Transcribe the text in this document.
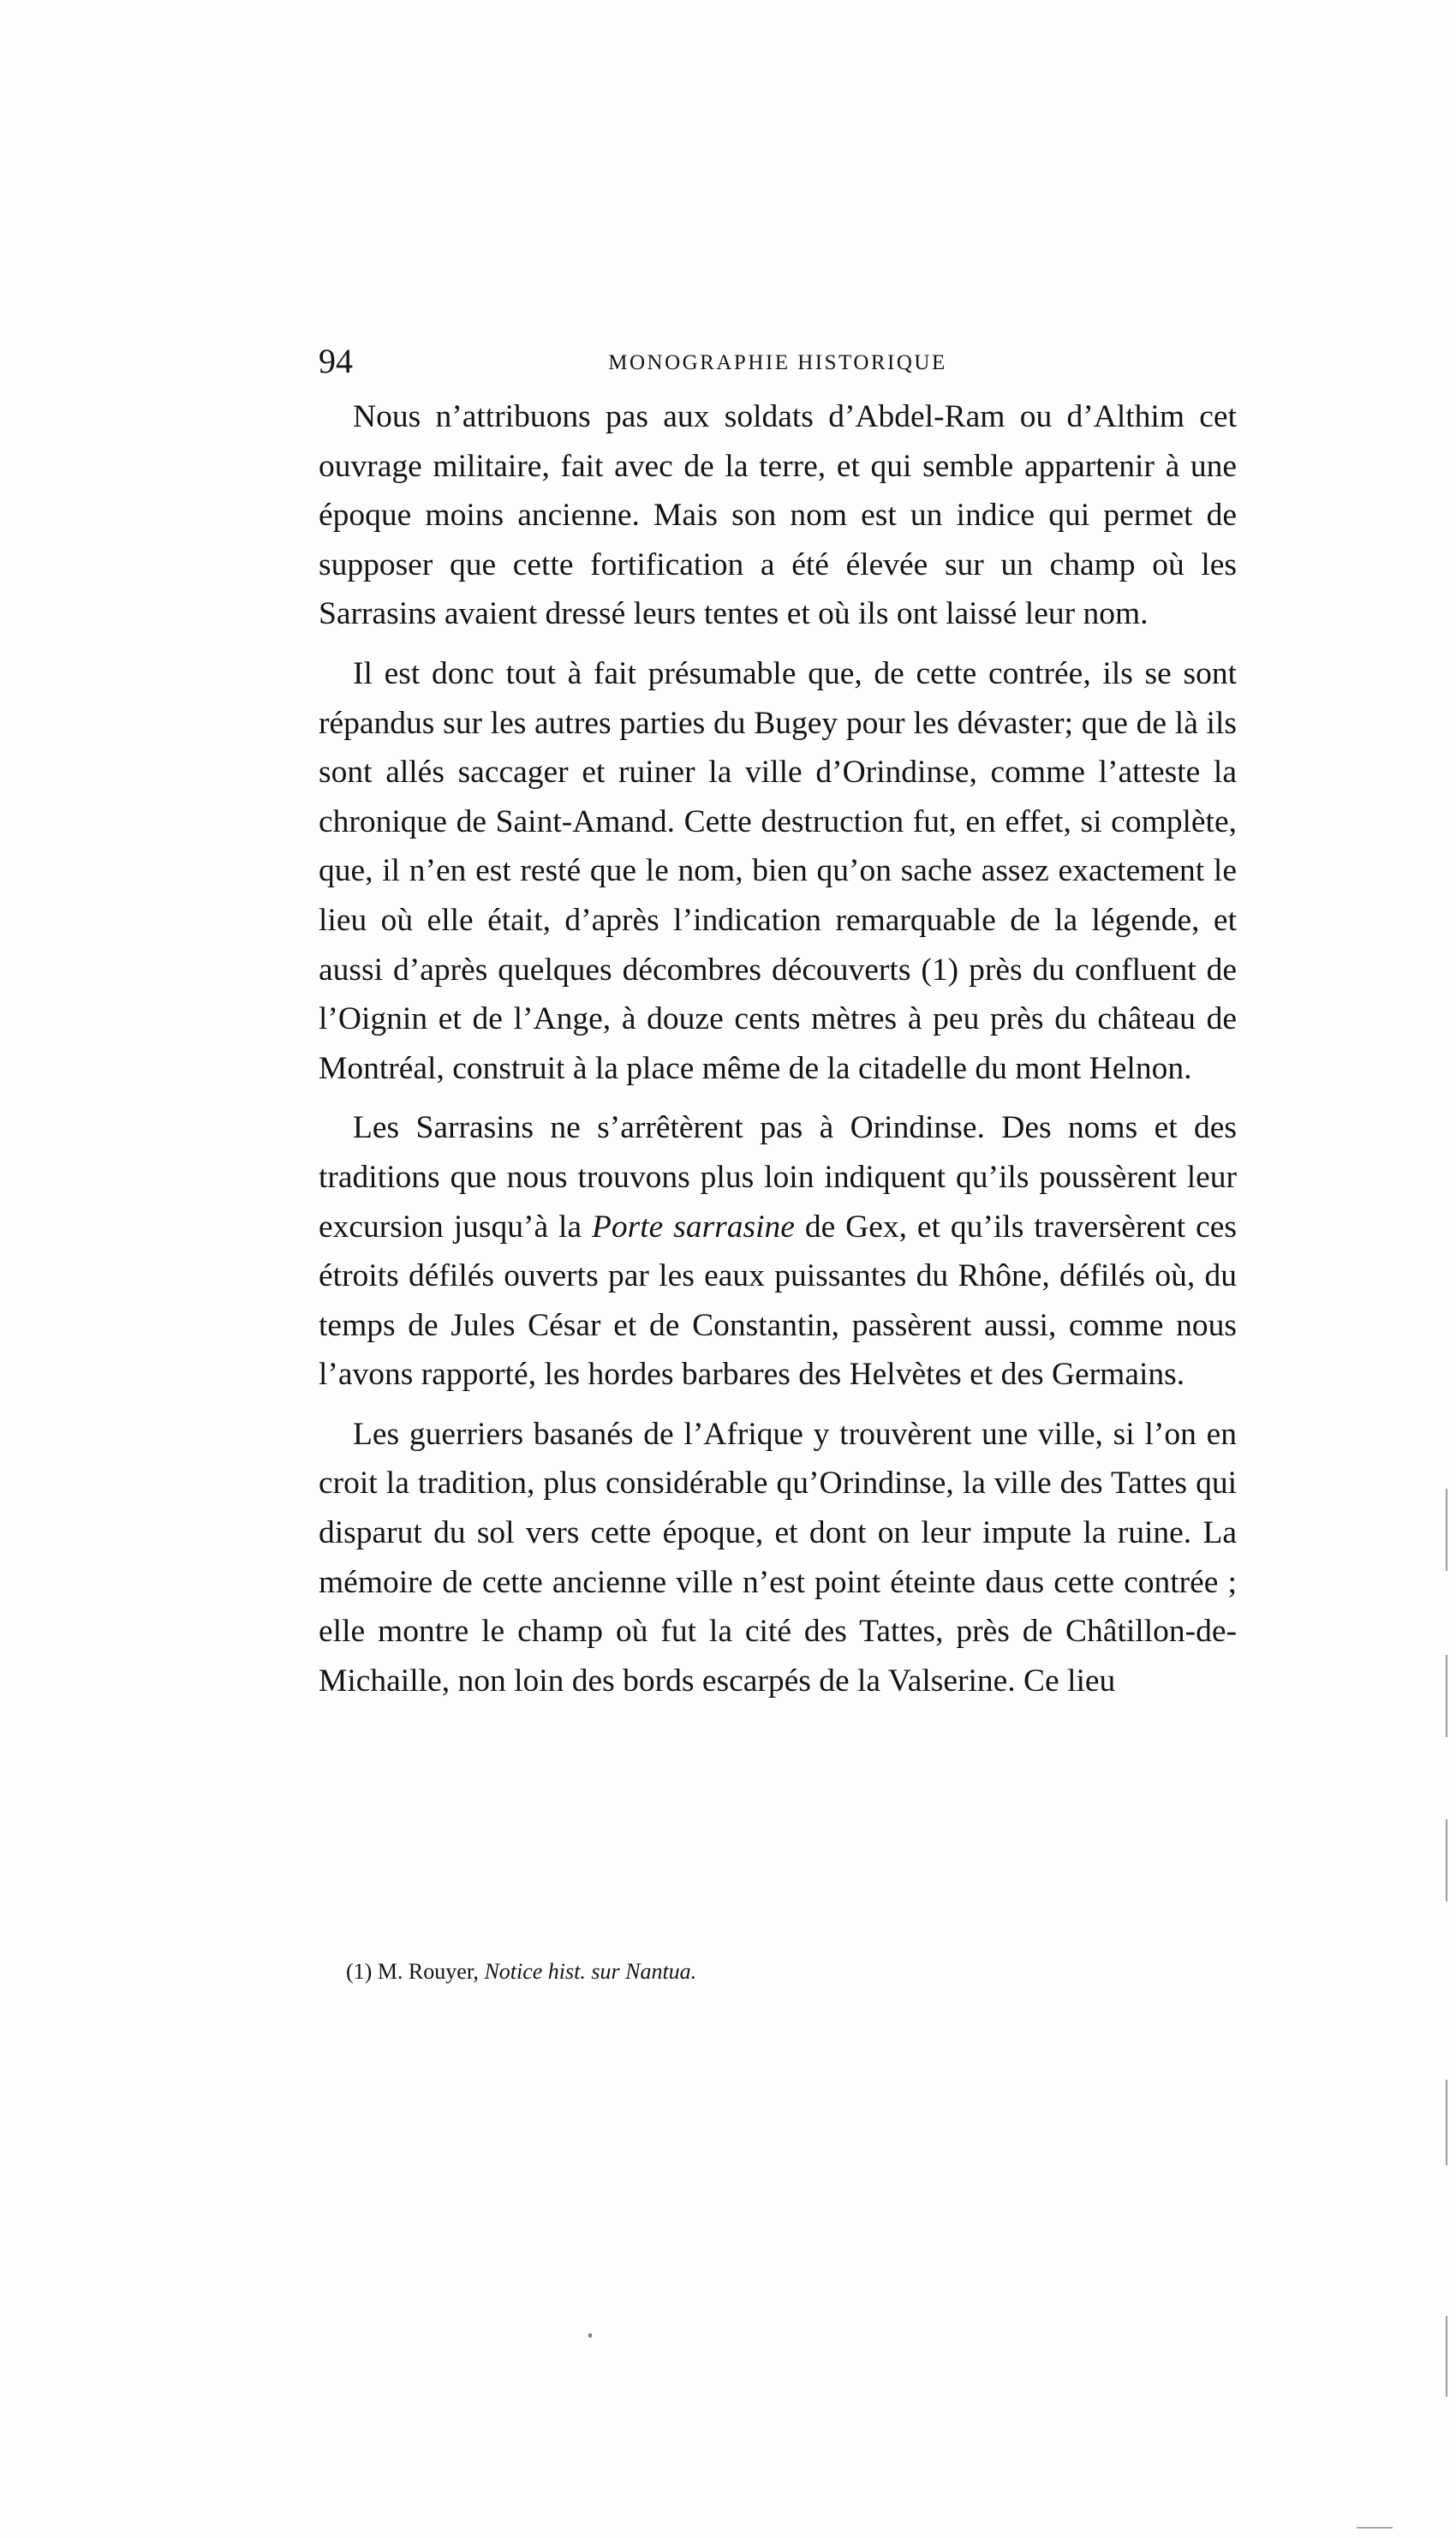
94	MONOGRAPHIE HISTORIQUE

Nous n’attribuons pas aux soldats d’Abdel-Ram ou d’Althim cet ouvrage militaire, fait avec de la terre, et qui semble appartenir à une époque moins ancienne. Mais son nom est un indice qui permet de supposer que cette fortification a été élevée sur un champ où les Sarrasins avaient dressé leurs tentes et où ils ont laissé leur nom.

Il est donc tout à fait présumable que, de cette contrée, ils se sont répandus sur les autres parties du Bugey pour les dévaster; que de là ils sont allés saccager et ruiner la ville d’Orindinse, comme l’atteste la chronique de Saint-Amand. Cette destruction fut, en effet, si complète, que, il n’en est resté que le nom, bien qu’on sache assez exactement le lieu où elle était, d’après l’indication remarquable de la légende, et aussi d’après quelques décombres découverts (1) près du confluent de l’Oignin et de l’Ange, à douze cents mètres à peu près du château de Montréal, construit à la place même de la citadelle du mont Helnon.

Les Sarrasins ne s’arrêtèrent pas à Orindinse. Des noms et des traditions que nous trouvons plus loin indiquent qu’ils poussèrent leur excursion jusqu’à la Porte sarrasine de Gex, et qu’ils traversèrent ces étroits défilés ouverts par les eaux puissantes du Rhône, défilés où, du temps de Jules César et de Constantin, passèrent aussi, comme nous l’avons rapporté, les hordes barbares des Helvètes et des Germains.

Les guerriers basanés de l’Afrique y trouvèrent une ville, si l’on en croit la tradition, plus considérable qu’Orindinse, la ville des Tattes qui disparut du sol vers cette époque, et dont on leur impute la ruine. La mémoire de cette ancienne ville n’est point éteinte daus cette contrée ; elle montre le champ où fut la cité des Tattes, près de Châtillon-de-Michaille, non loin des bords escarpés de la Valserine. Ce lieu

(1) M. Rouyer, Notice hist. sur Nantua.
